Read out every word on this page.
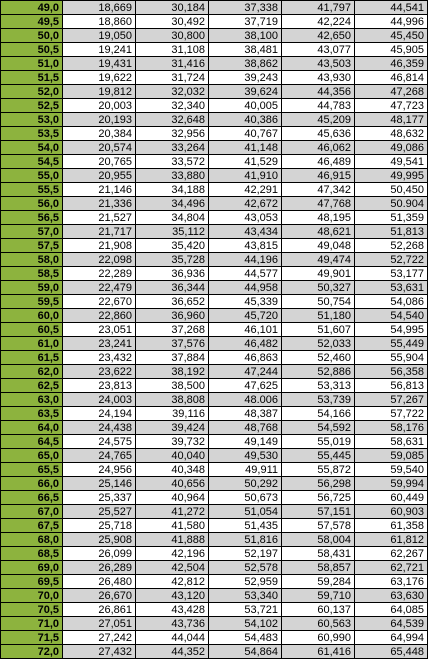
49,0	18,669	30,184	37,338	41,797	44,541
49,5	18,860	30,492	37,719	42,224	44,996
50,0	19,050	30,800	38,100	42,650	45,450
50,5	19,241	31,108	38,481	43,077	45,905
51,0	19,431	31,416	38,862	43,503	46,359
51,5	19,622	31,724	39,243	43,930	46,814
52,0	19,812	32,032	39,624	44,356	47,268
52,5	20,003	32,340	40,005	44,783	47,723
53,0	20,193	32,648	40,386	45,209	48,177
53,5	20,384	32,956	40,767	45,636	48,632
54,0	20,574	33,264	41,148	46,062	49,086
54,5	20,765	33,572	41,529	46,489	49,541
55,0	20,955	33,880	41,910	46,915	49,995
55,5	21,146	34,188	42,291	47,342	50,450
56,0	21,336	34,496	42,672	47,768	50.904
56,5	21,527	34,804	43,053	48,195	51,359
57,0	21,717	35,112	43,434	48,621	51,813
57,5	21,908	35,420	43,815	49,048	52,268
58,0	22,098	35,728	44,196	49,474	52,722
58,5	22,289	36,936	44,577	49,901	53,177
59,0	22,479	36,344	44,958	50,327	53,631
59,5	22,670	36,652	45,339	50,754	54,086
60,0	22,860	36,960	45,720	51,180	54,540
60,5	23,051	37,268	46,101	51,607	54,995
61,0	23,241	37,576	46,482	52,033	55,449
61,5	23,432	37,884	46,863	52,460	55,904
62,0	23,622	38,192	47,244	52,886	56,358
62,5	23,813	38,500	47,625	53,313	56,813
63,0	24,003	38,808	48.006	53,739	57,267
63,5	24,194	39,116	48,387	54,166	57,722
64,0	24,438	39,424	48,768	54,592	58,176
64,5	24,575	39,732	49,149	55,019	58,631
65,0	24,765	40,040	49,530	55,445	59,085
65,5	24,956	40,348	49,911	55,872	59,540
66,0	25,146	40,656	50,292	56,298	59,994
66,5	25,337	40,964	50,673	56,725	60,449
67,0	25,527	41,272	51,054	57,151	60,903
67,5	25,718	41,580	51,435	57,578	61,358
68,0	25,908	41,888	51,816	58,004	61,812
68,5	26,099	42,196	52,197	58,431	62,267
69,0	26,289	42,504	52,578	58,857	62,721
69,5	26,480	42,812	52,959	59,284	63,176
70,0	26,670	43,120	53,340	59,710	63,630
70,5	26,861	43,428	53,721	60,137	64,085
71,0	27,051	43,736	54,102	60,563	64,539
71,5	27,242	44,044	54,483	60,990	64,994
72,0	27,432	44,352	54,864	61,416	65,448
